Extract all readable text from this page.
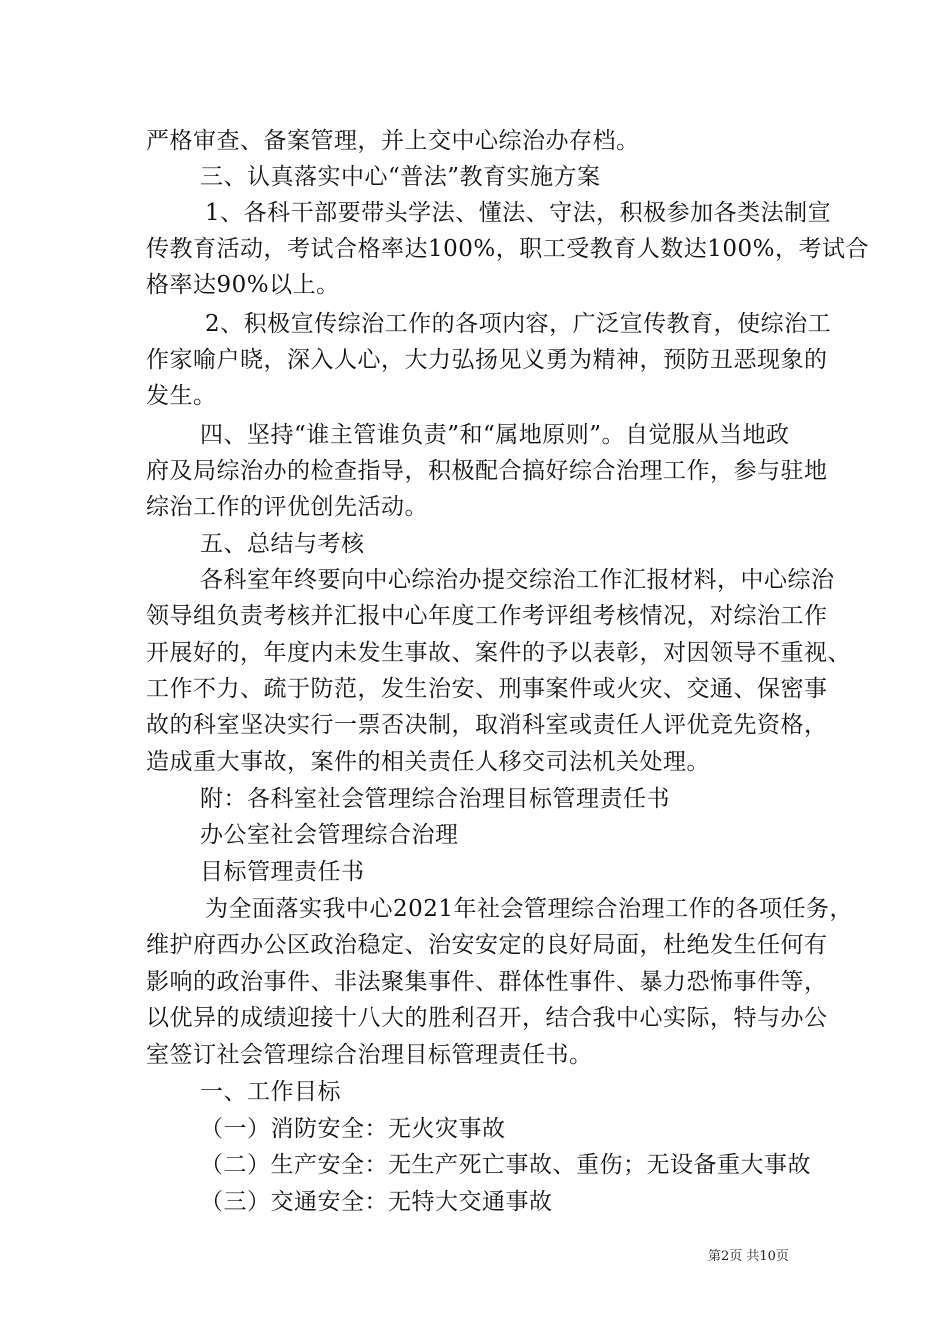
严格审查、备案管理，并上交中心综治办存档。
三、认真落实中心“普法”教育实施方案
1、各科干部要带头学法、懂法、守法，积极参加各类法制宣
传教育活动，考试合格率达100%，职工受教育人数达100%，考试合
格率达90%以上。
2、积极宣传综治工作的各项内容，广泛宣传教育，使综治工
作家喻户晓，深入人心，大力弘扬见义勇为精神，预防丑恶现象的
发生。
四、坚持“谁主管谁负责”和“属地原则”。自觉服从当地政
府及局综治办的检查指导，积极配合搞好综合治理工作，参与驻地
综治工作的评优创先活动。
五、总结与考核
各科室年终要向中心综治办提交综治工作汇报材料，中心综治
领导组负责考核并汇报中心年度工作考评组考核情况，对综治工作
开展好的，年度内未发生事故、案件的予以表彰，对因领导不重视、
工作不力、疏于防范，发生治安、刑事案件或火灾、交通、保密事
故的科室坚决实行一票否决制，取消科室或责任人评优竞先资格，
造成重大事故，案件的相关责任人移交司法机关处理。
附：各科室社会管理综合治理目标管理责任书
办公室社会管理综合治理
目标管理责任书
为全面落实我中心2021年社会管理综合治理工作的各项任务，
维护府西办公区政治稳定、治安安定的良好局面，杜绝发生任何有
影响的政治事件、非法聚集事件、群体性事件、暴力恐怖事件等，
以优异的成绩迎接十八大的胜利召开，结合我中心实际，特与办公
室签订社会管理综合治理目标管理责任书。
一、工作目标
（一）消防安全：无火灾事故
（二）生产安全：无生产死亡事故、重伤；无设备重大事故
（三）交通安全：无特大交通事故
第2页 共10页
